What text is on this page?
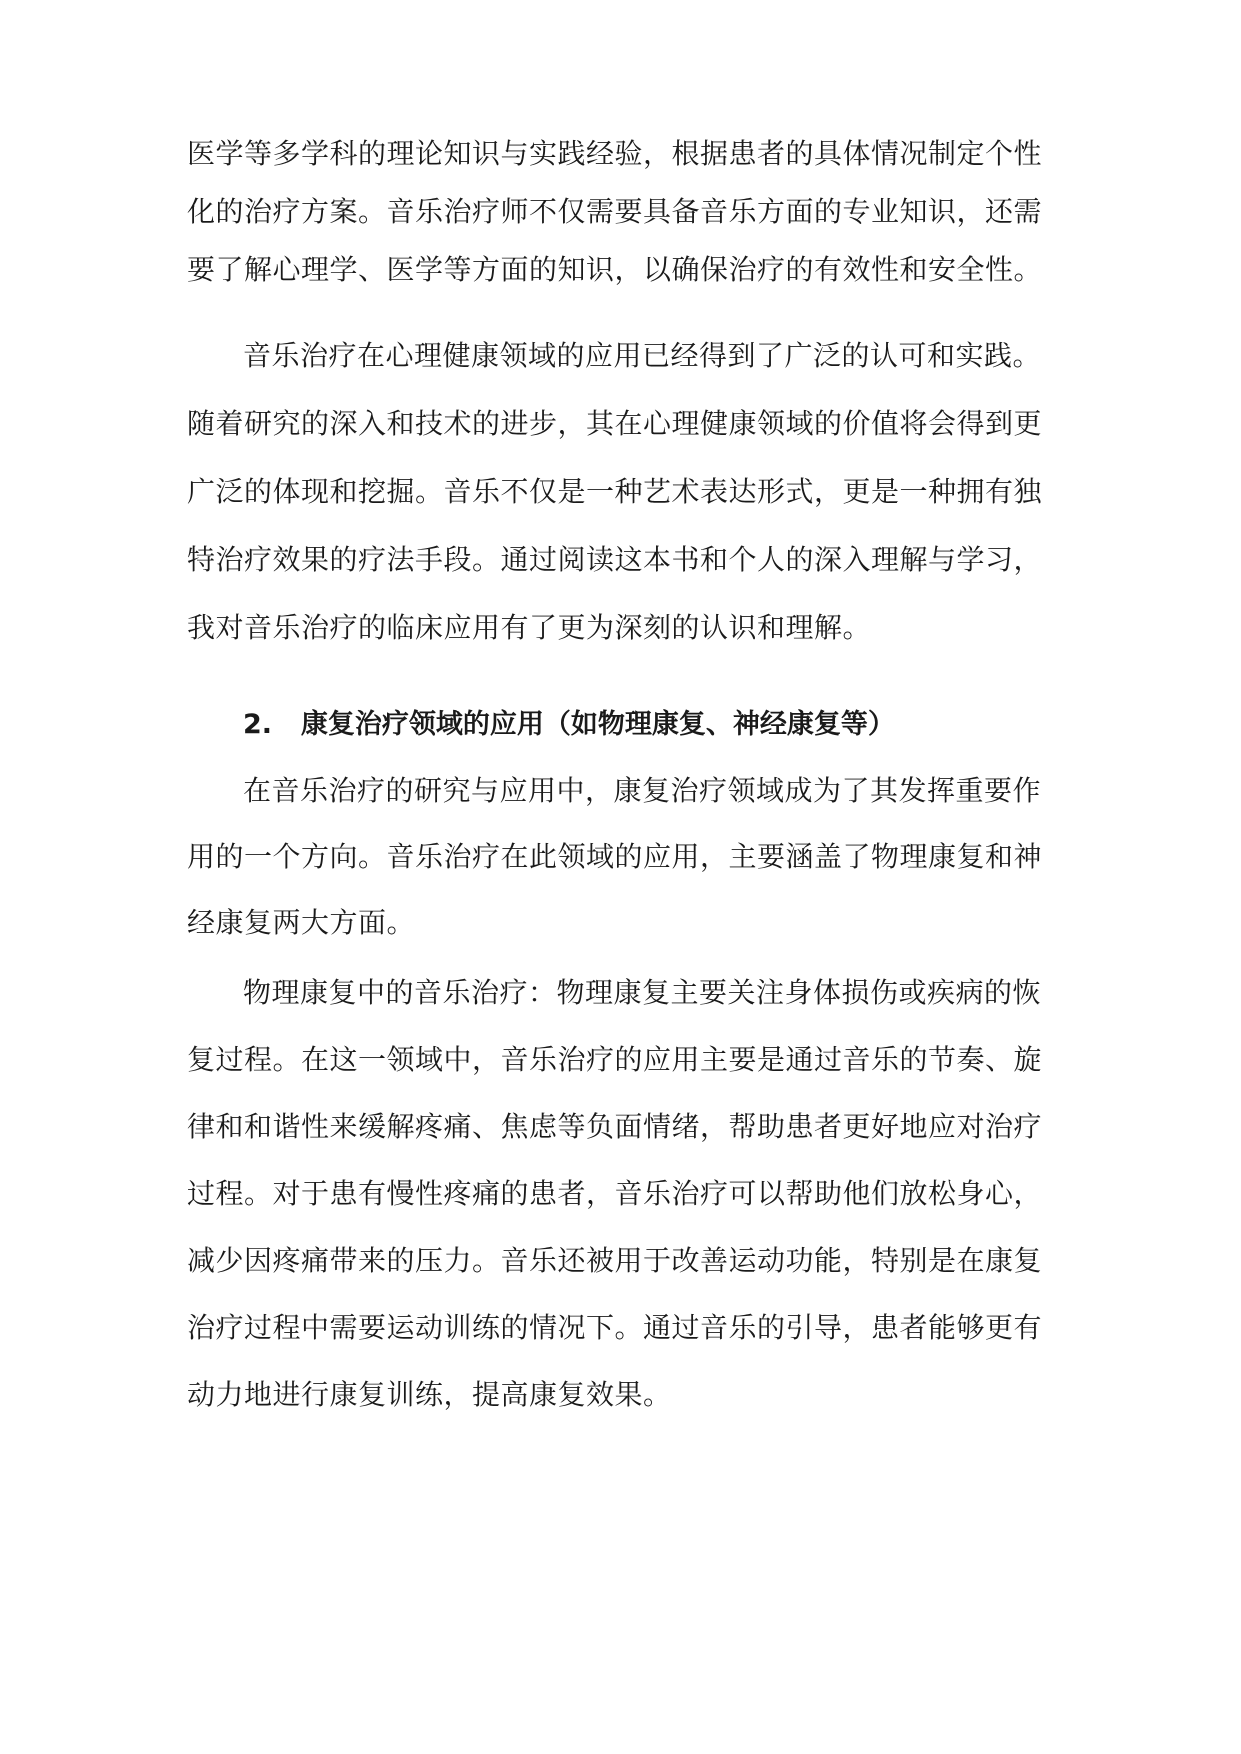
医学等多学科的理论知识与实践经验，根据患者的具体情况制定个性
化的治疗方案。音乐治疗师不仅需要具备音乐方面的专业知识，还需
要了解心理学、医学等方面的知识，以确保治疗的有效性和安全性。
音乐治疗在心理健康领域的应用已经得到了广泛的认可和实践。
随着研究的深入和技术的进步，其在心理健康领域的价值将会得到更
广泛的体现和挖掘。音乐不仅是一种艺术表达形式，更是一种拥有独
特治疗效果的疗法手段。通过阅读这本书和个人的深入理解与学习，
我对音乐治疗的临床应用有了更为深刻的认识和理解。
2. 康复治疗领域的应用（如物理康复、神经康复等）
在音乐治疗的研究与应用中，康复治疗领域成为了其发挥重要作
用的一个方向。音乐治疗在此领域的应用，主要涵盖了物理康复和神
经康复两大方面。
物理康复中的音乐治疗：物理康复主要关注身体损伤或疾病的恢
复过程。在这一领域中，音乐治疗的应用主要是通过音乐的节奏、旋
律和和谐性来缓解疼痛、焦虑等负面情绪，帮助患者更好地应对治疗
过程。对于患有慢性疼痛的患者，音乐治疗可以帮助他们放松身心，
减少因疼痛带来的压力。音乐还被用于改善运动功能，特别是在康复
治疗过程中需要运动训练的情况下。通过音乐的引导，患者能够更有
动力地进行康复训练，提高康复效果。
